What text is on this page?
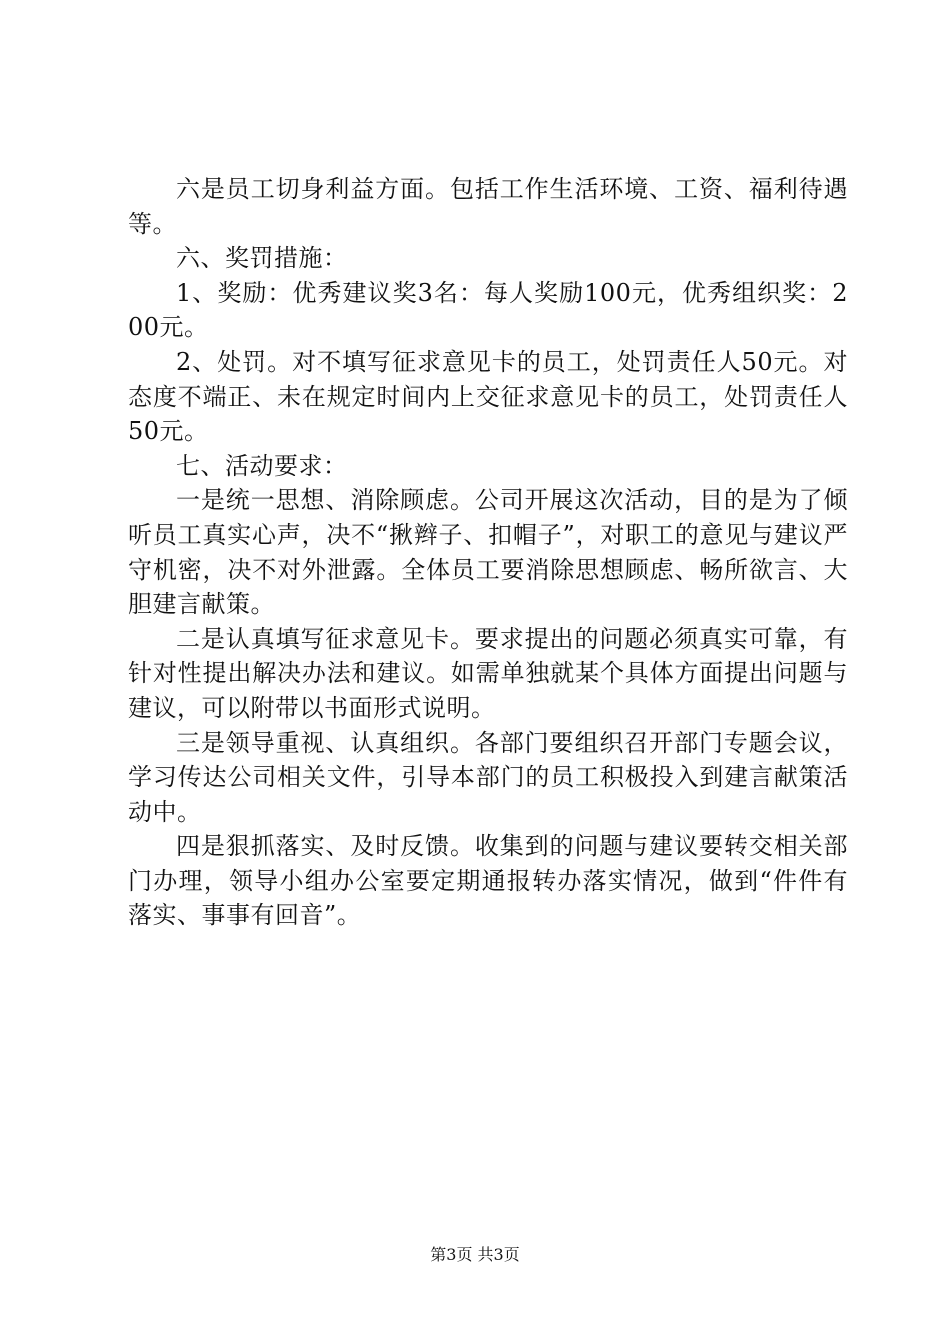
六是员工切身利益方面。包括工作生活环境、工资、福利待遇等。

六、奖罚措施：

1、奖励：优秀建议奖3名：每人奖励100元，优秀组织奖：200元。

2、处罚。对不填写征求意见卡的员工，处罚责任人50元。对态度不端正、未在规定时间内上交征求意见卡的员工，处罚责任人50元。

七、活动要求：

一是统一思想、消除顾虑。公司开展这次活动，目的是为了倾听员工真实心声，决不“揪辫子、扣帽子”，对职工的意见与建议严守机密，决不对外泄露。全体员工要消除思想顾虑、畅所欲言、大胆建言献策。

二是认真填写征求意见卡。要求提出的问题必须真实可靠，有针对性提出解决办法和建议。如需单独就某个具体方面提出问题与建议，可以附带以书面形式说明。

三是领导重视、认真组织。各部门要组织召开部门专题会议，学习传达公司相关文件，引导本部门的员工积极投入到建言献策活动中。

四是狠抓落实、及时反馈。收集到的问题与建议要转交相关部门办理，领导小组办公室要定期通报转办落实情况，做到“件件有落实、事事有回音”。

第3页 共3页
